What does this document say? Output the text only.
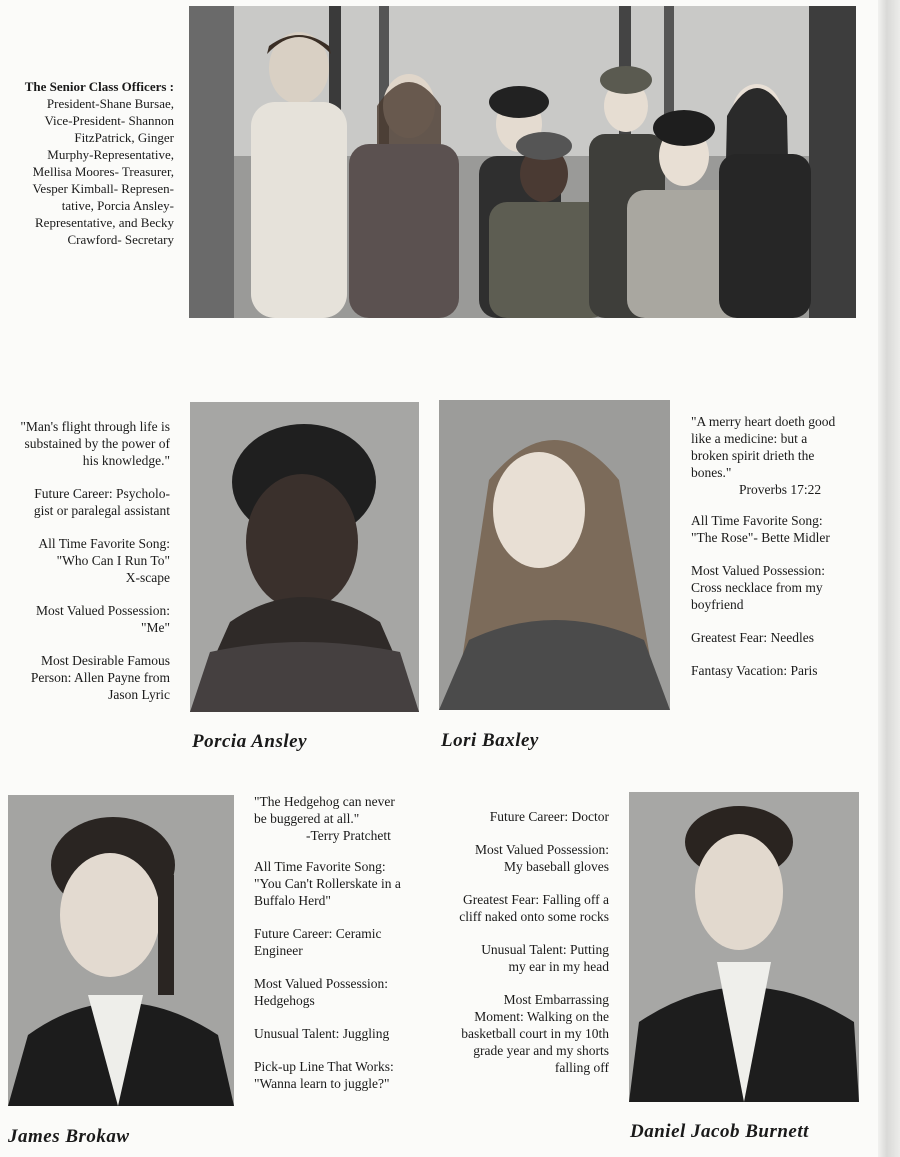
The Senior Class Officers :
President-Shane Bursae,
Vice-President- Shannon
FitzPatrick, Ginger
Murphy-Representative,
Mellisa Moores- Treasurer,
Vesper Kimball- Represen-
tative, Porcia Ansley-
Representative, and Becky
Crawford- Secretary

"Man's flight through life is
substained by the power of
his knowledge."

Future Career: Psycholo-
gist or paralegal assistant

All Time Favorite Song:
"Who Can I Run To"
X-scape

Most Valued Possession:
"Me"

Most Desirable Famous
Person: Allen Payne from
Jason Lyric

Porcia Ansley	Lori Baxley

"A merry heart doeth good
like a medicine: but a
broken spirit drieth the
bones."
Proverbs 17:22

All Time Favorite Song:
"The Rose"- Bette Midler

Most Valued Possession:
Cross necklace from my
boyfriend

Greatest Fear: Needles

Fantasy Vacation: Paris

James Brokaw

"The Hedgehog can never
be buggered at all."
-Terry Pratchett

All Time Favorite Song:
"You Can't Rollerskate in a
Buffalo Herd"

Future Career: Ceramic
Engineer

Most Valued Possession:
Hedgehogs

Unusual Talent: Juggling

Pick-up Line That Works:
"Wanna learn to juggle?"

Future Career: Doctor

Most Valued Possession:
My baseball gloves

Greatest Fear: Falling off a
cliff naked onto some rocks

Unusual Talent: Putting
my ear in my head

Most Embarrassing
Moment: Walking on the
basketball court in my 10th
grade year and my shorts
falling off

Daniel Jacob Burnett
